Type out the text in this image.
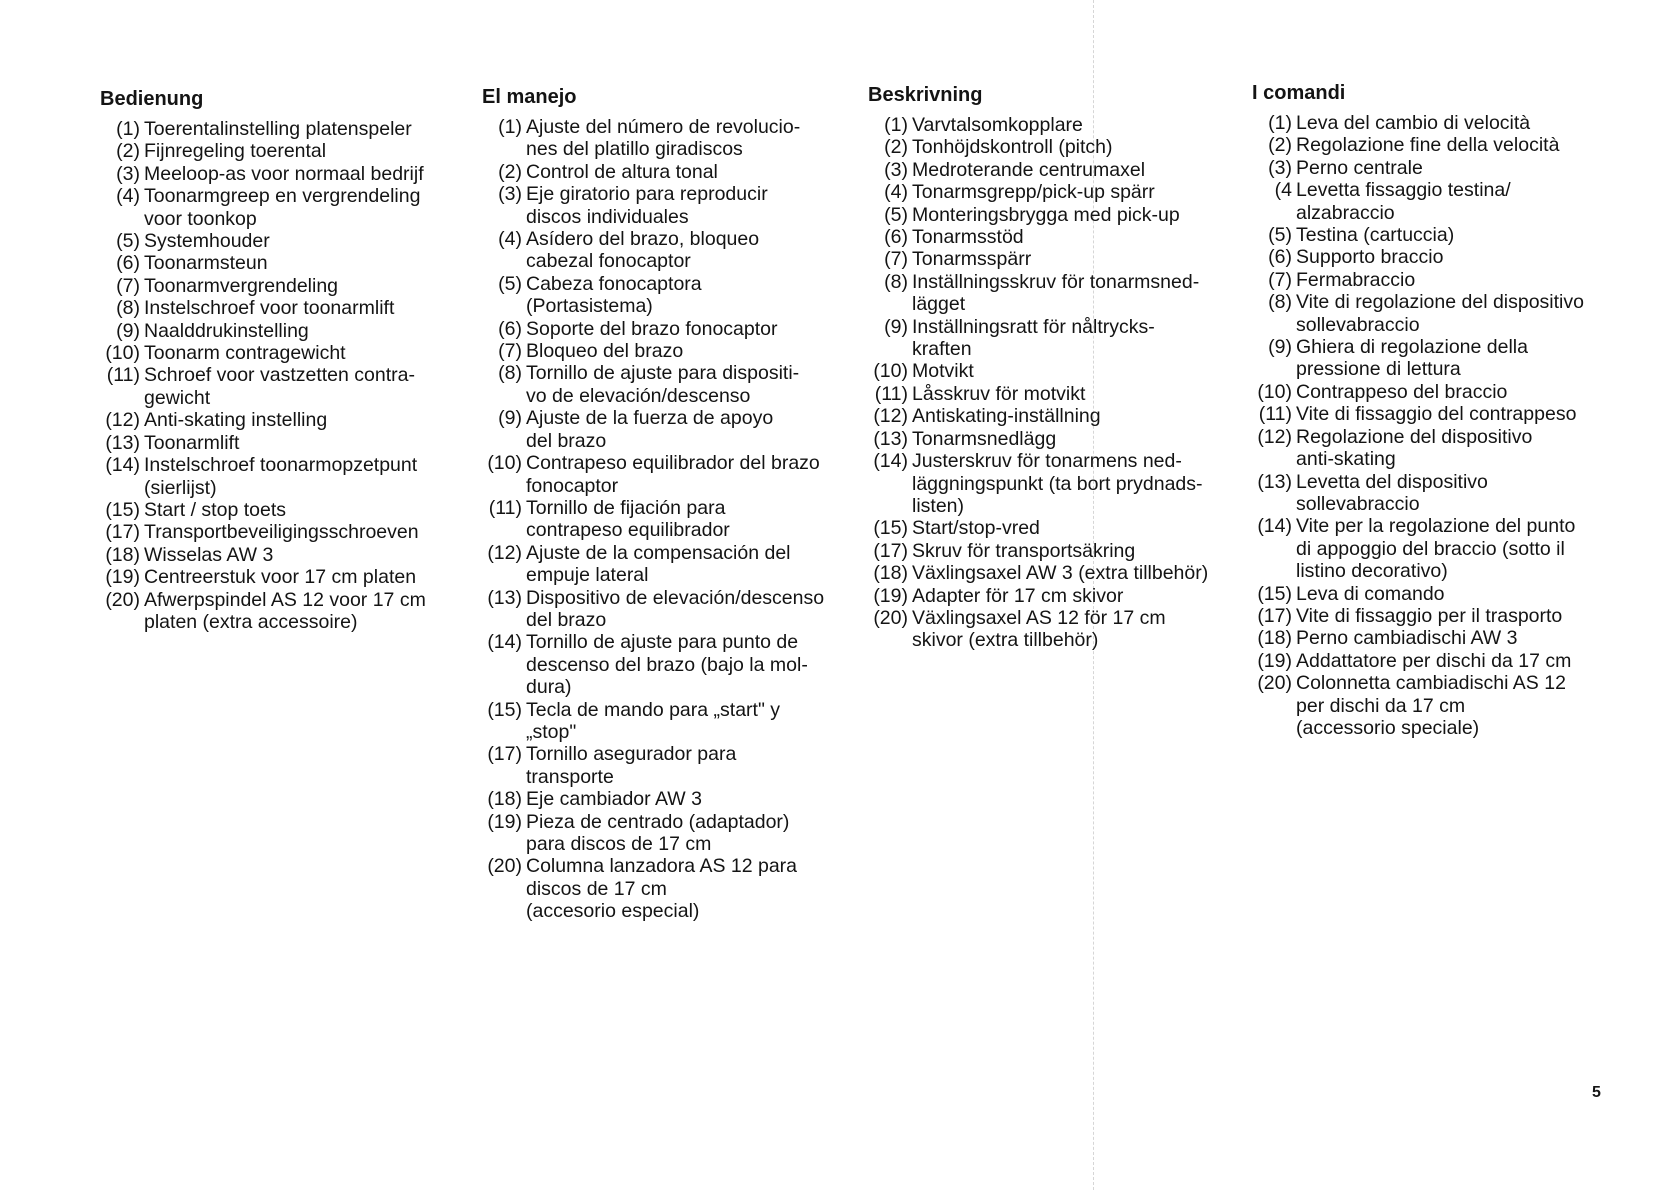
Bedienung
(1) Toerentalinstelling platenspeler
(2) Fijnregeling toerental
(3) Meeloop-as voor normaal bedrijf
(4) Toonarmgreep en vergrendeling
voor toonkop
(5) Systemhouder
(6) Toonarmsteun
(7) Toonarmvergrendeling
(8) Instelschroef voor toonarmlift
(9) Naalddrukinstelling
(10) Toonarm contragewicht
(11) Schroef voor vastzetten contra-
gewicht
(12) Anti-skating instelling
(13) Toonarmlift
(14) Instelschroef toonarmopzetpunt
(sierlijst)
(15) Start / stop toets
(17) Transportbeveiligingsschroeven
(18) Wisselas AW 3
(19) Centreerstuk voor 17 cm platen
(20) Afwerpspindel AS 12 voor 17 cm
platen (extra accessoire)
El manejo
(1) Ajuste del número de revolucio-
nes del platillo giradiscos
(2) Control de altura tonal
(3) Eje giratorio para reproducir
discos individuales
(4) Asídero del brazo, bloqueo
cabezal fonocaptor
(5) Cabeza fonocaptora
(Portasistema)
(6) Soporte del brazo fonocaptor
(7) Bloqueo del brazo
(8) Tornillo de ajuste para dispositi-
vo de elevación/descenso
(9) Ajuste de la fuerza de apoyo
del brazo
(10) Contrapeso equilibrador del brazo
fonocaptor
(11) Tornillo de fijación para
contrapeso equilibrador
(12) Ajuste de la compensación del
empuje lateral
(13) Dispositivo de elevación/descenso
del brazo
(14) Tornillo de ajuste para punto de
descenso del brazo (bajo la mol-
dura)
(15) Tecla de mando para „start" y
„stop"
(17) Tornillo asegurador para
transporte
(18) Eje cambiador AW 3
(19) Pieza de centrado (adaptador)
para discos de 17 cm
(20) Columna lanzadora AS 12 para
discos de 17 cm
(accesorio especial)
Beskrivning
(1) Varvtalsomkopplare
(2) Tonhöjdskontroll (pitch)
(3) Medroterande centrumaxel
(4) Tonarmsgrepp/pick-up spärr
(5) Monteringsbrygga med pick-up
(6) Tonarmsstöd
(7) Tonarmsspärr
(8) Inställningsskruv för tonarmsned-
lägget
(9) Inställningsratt för nåltrycks-
kraften
(10) Motvikt
(11) Låsskruv för motvikt
(12) Antiskating-inställning
(13) Tonarmsnedlägg
(14) Justerskruv för tonarmens ned-
läggningspunkt (ta bort prydnads-
listen)
(15) Start/stop-vred
(17) Skruv för transportsäkring
(18) Växlingsaxel AW 3 (extra tillbehör)
(19) Adapter för 17 cm skivor
(20) Växlingsaxel AS 12 för 17 cm
skivor (extra tillbehör)
I comandi
(1) Leva del cambio di velocità
(2) Regolazione fine della velocità
(3) Perno centrale
(4 Levetta fissaggio testina/
alzabraccio
(5) Testina (cartuccia)
(6) Supporto braccio
(7) Fermabraccio
(8) Vite di regolazione del dispositivo
sollevabraccio
(9) Ghiera di regolazione della
pressione di lettura
(10) Contrappeso del braccio
(11) Vite di fissaggio del contrappeso
(12) Regolazione del dispositivo
anti-skating
(13) Levetta del dispositivo
sollevabraccio
(14) Vite per la regolazione del punto
di appoggio del braccio (sotto il
listino decorativo)
(15) Leva di comando
(17) Vite di fissaggio per il trasporto
(18) Perno cambiadischi AW 3
(19) Addattatore per dischi da 17 cm
(20) Colonnetta cambiadischi AS 12
per dischi da 17 cm
(accessorio speciale)
5
